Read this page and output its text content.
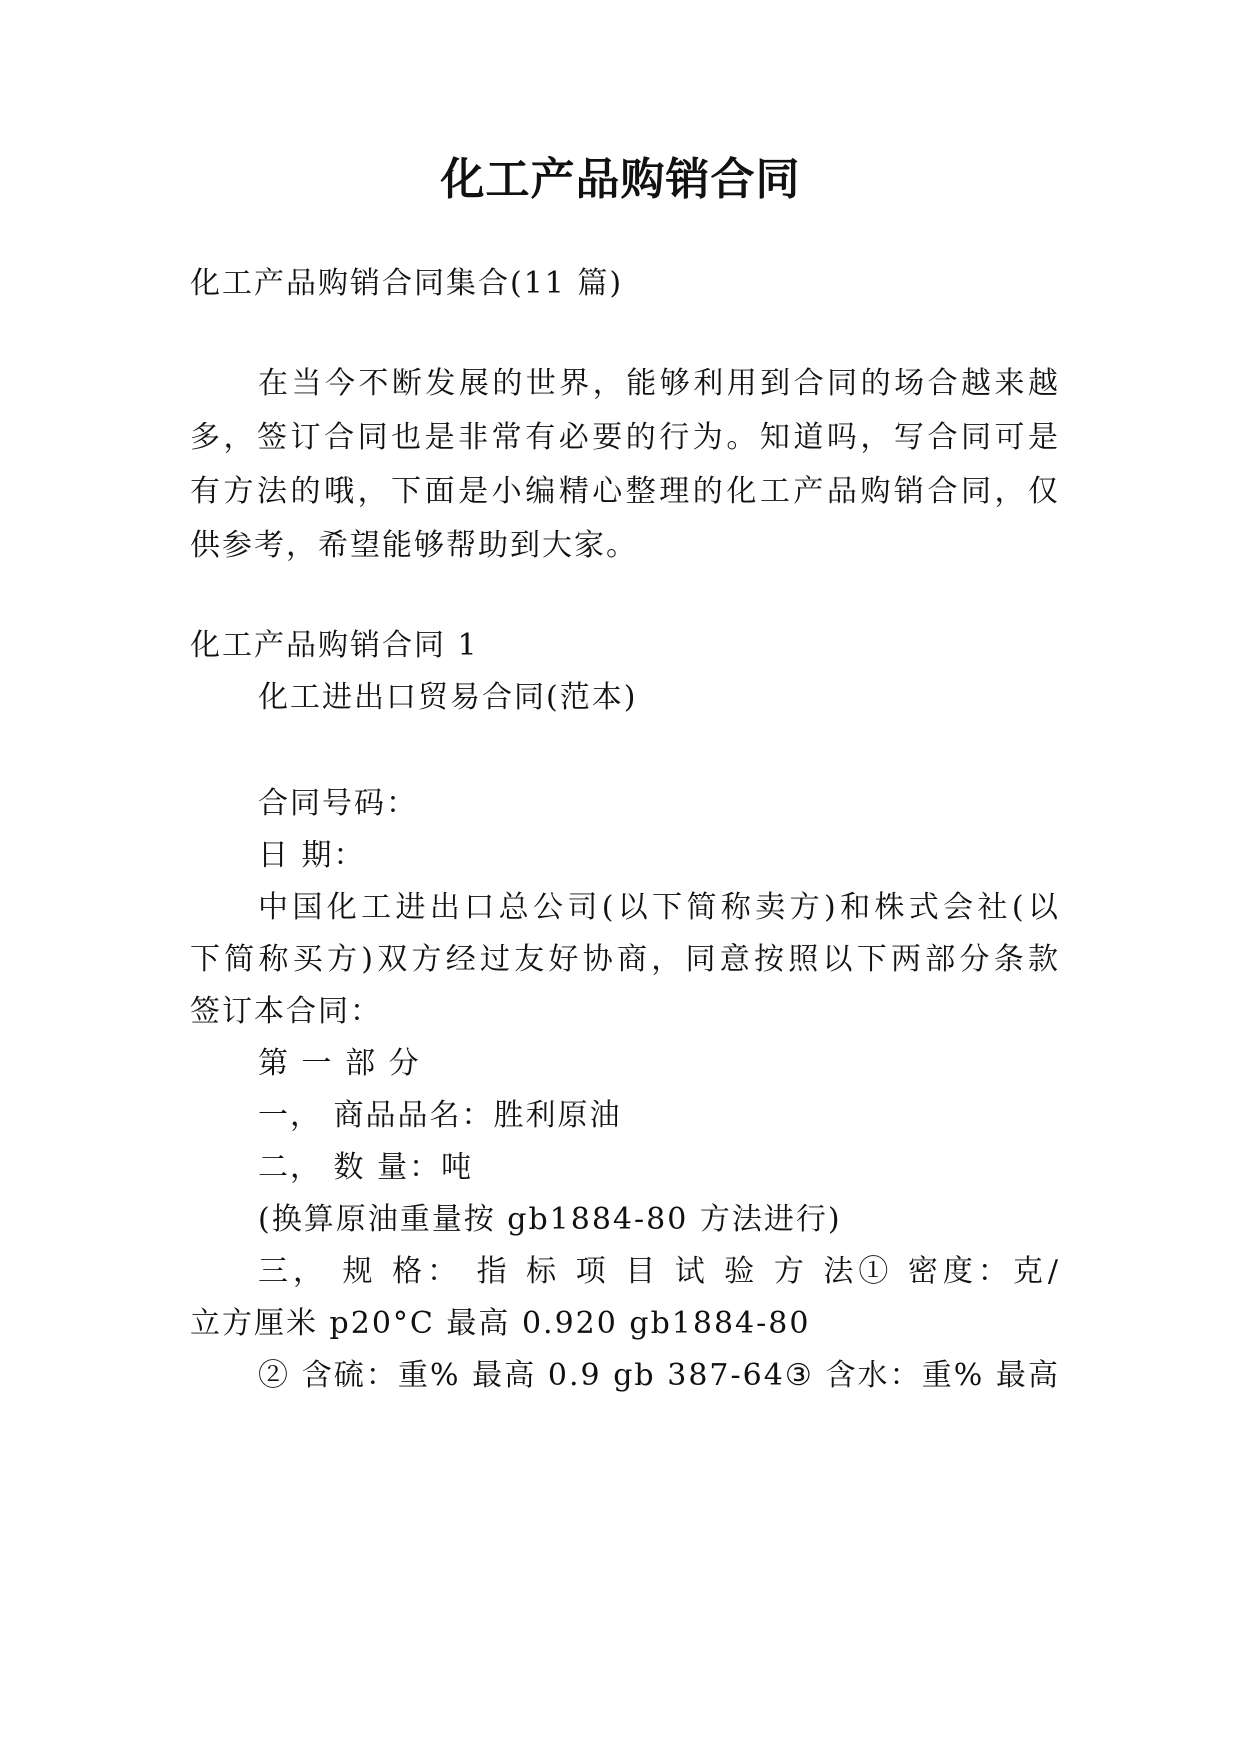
化工产品购销合同
化工产品购销合同集合(11 篇)
在当今不断发展的世界，能够利用到合同的场合越来越
多，签订合同也是非常有必要的行为。知道吗，写合同可是
有方法的哦，下面是小编精心整理的化工产品购销合同，仅
供参考，希望能够帮助到大家。
化工产品购销合同 1
化工进出口贸易合同(范本)
合同号码：
日 期：
中国化工进出口总公司(以下简称卖方)和株式会社(以
下简称买方)双方经过友好协商，同意按照以下两部分条款
签订本合同：
第 一 部 分
一， 商品品名：胜利原油
二， 数 量：吨
(换算原油重量按 gb1884-80 方法进行)
三， 规 格： 指 标 项 目 试 验 方 法① 密度：克/
立方厘米 p20°C 最高 0.920 gb1884-80
② 含硫：重% 最高 0.9 gb 387-64③ 含水：重% 最高
